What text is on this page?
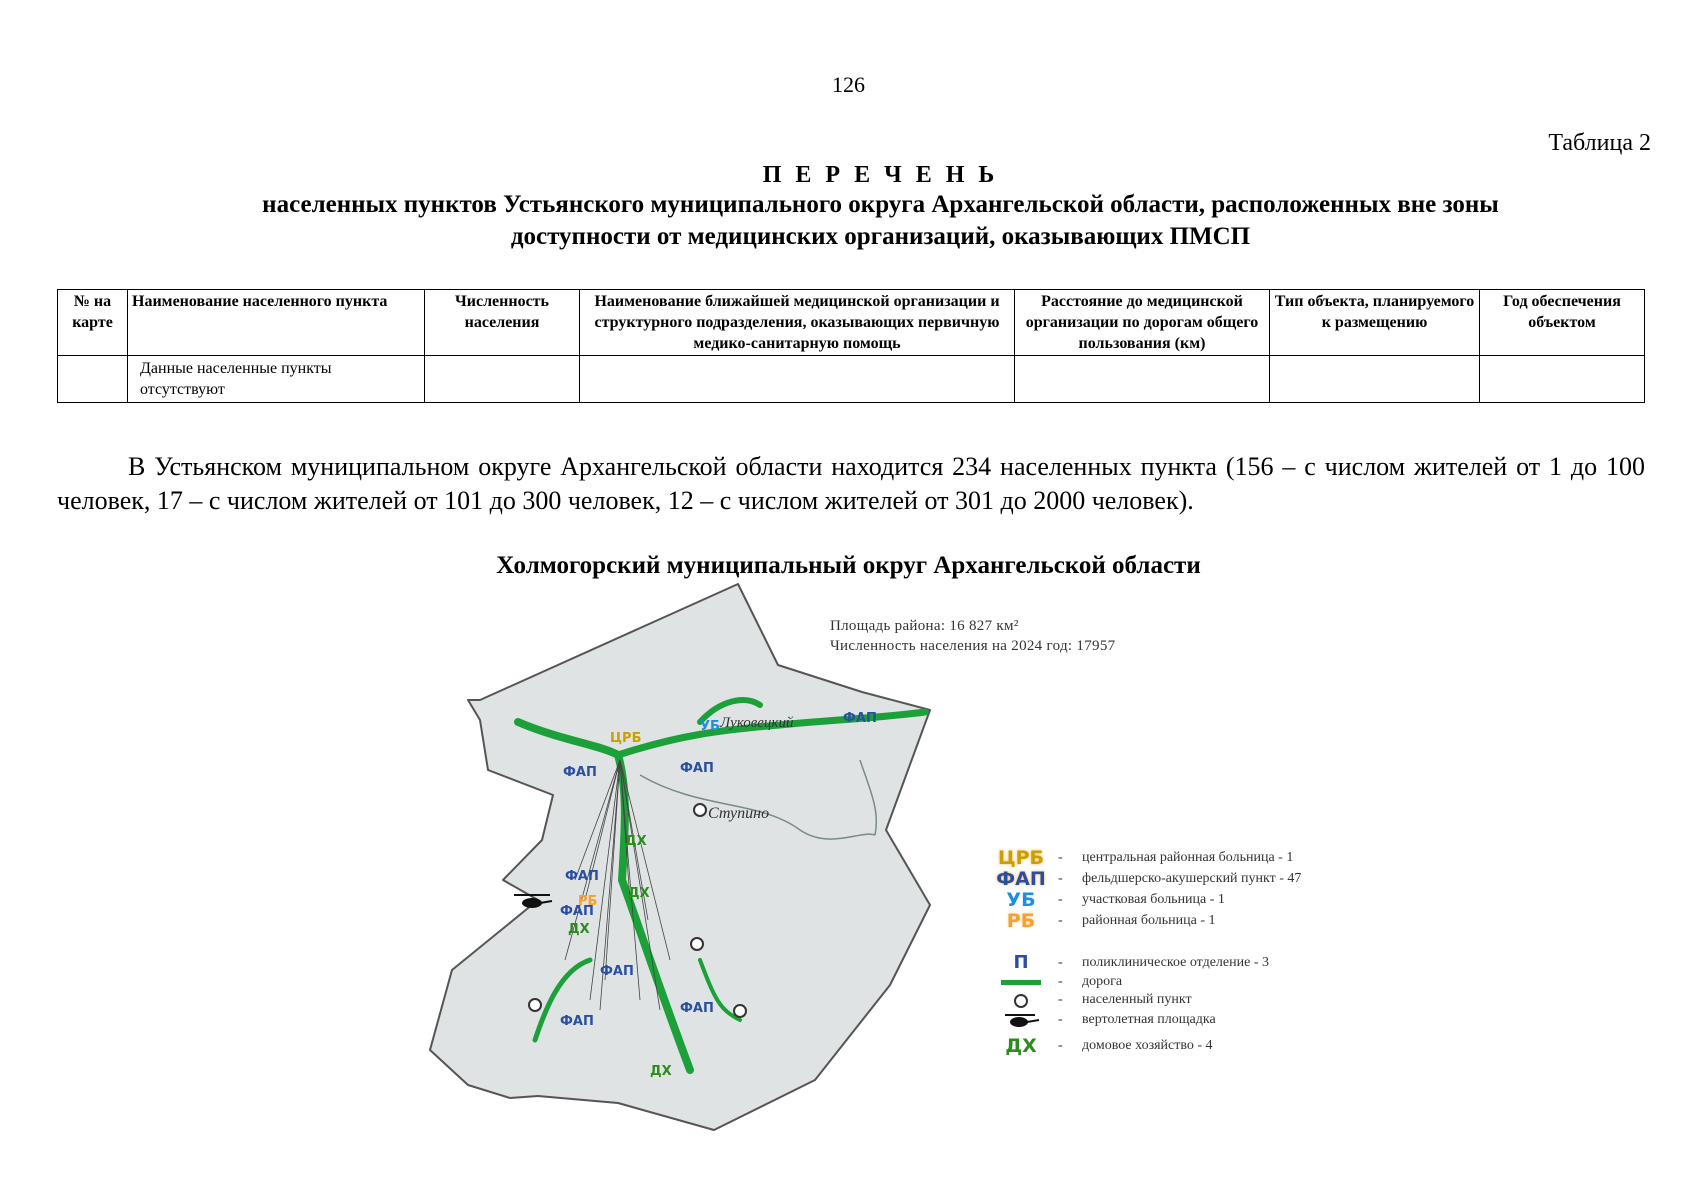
126
Таблица 2
П Е Р Е Ч Е Н Ь
населенных пунктов Устьянского муниципального округа Архангельской области, расположенных вне зоны
доступности от медицинских организаций, оказывающих ПМСП
№ на карте	Наименование населенного пункта	Численность населения	Наименование ближайшей медицинской организации и структурного подразделения, оказывающих первичную медико-санитарную помощь	Расстояние до медицинской организации по дорогам общего пользования (км)	Тип объекта, планируемого к размещению	Год обеспечения объектом

	Данные населенные пункты отсутствуют					

В Устьянском муниципальном округе Архангельской области находится 234 населенных пункта (156 – с числом жителей от 1 до 100 человек, 17 – с числом жителей от 101 до 300 человек, 12 – с числом жителей от 301 до 2000 человек).
Холмогорский муниципальный округ Архангельской области
ЦРБ
УБ
ФАП
ФАП	ФАП
ФАП
ФАП
ФАП
ФАП
ФАП
РБ
ДХ
ДХ
ДХ
ДХ
Луковецкий
Ступино
Площадь района: 16 827 км²
Численность населения на 2024 год: 17957
ЦРБ - центральная районная больница - 1
ФАП - фельдшерско-акушерский пункт - 47
УБ	- участковая больница - 1
РБ	- районная больница - 1
П	- поликлиническое отделение - 3
- дорога
- населенный пункт
- вертолетная площадка
ДХ	- домовое хозяйство - 4
